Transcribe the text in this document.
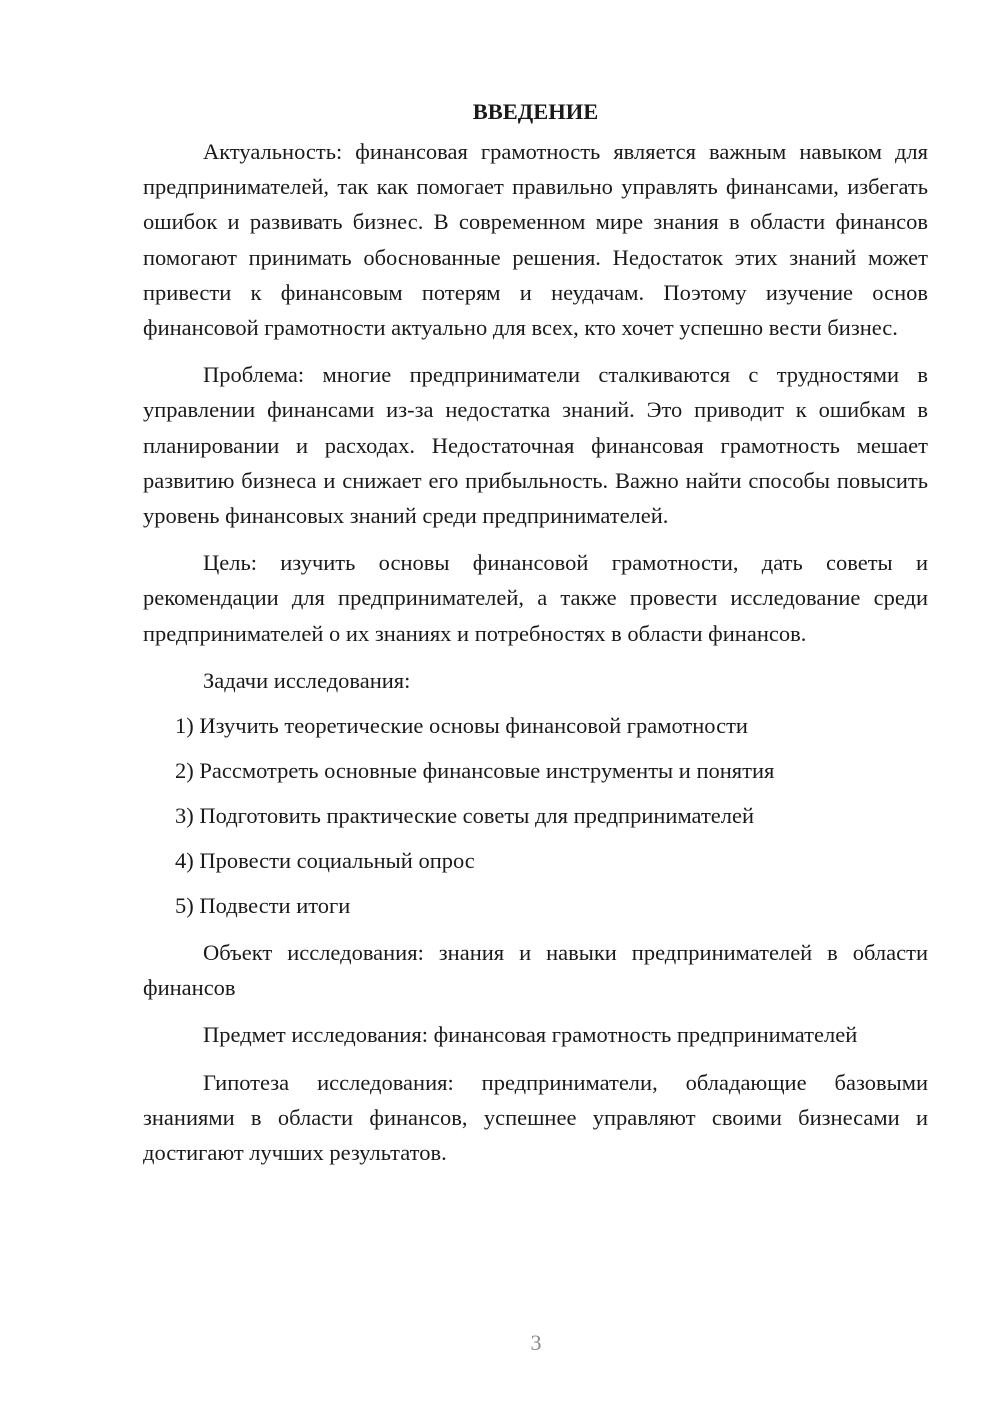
ВВЕДЕНИЕ

Актуальность: финансовая грамотность является важным навыком для предпринимателей, так как помогает правильно управлять финансами, избегать ошибок и развивать бизнес. В современном мире знания в области финансов помогают принимать обоснованные решения. Недостаток этих знаний может привести к финансовым потерям и неудачам. Поэтому изучение основ финансовой грамотности актуально для всех, кто хочет успешно вести бизнес.

Проблема: многие предприниматели сталкиваются с трудностями в управлении финансами из-за недостатка знаний. Это приводит к ошибкам в планировании и расходах. Недостаточная финансовая грамотность мешает развитию бизнеса и снижает его прибыльность. Важно найти способы повысить уровень финансовых знаний среди предпринимателей.

Цель: изучить основы финансовой грамотности, дать советы и рекомендации для предпринимателей, а также провести исследование среди предпринимателей о их знаниях и потребностях в области финансов.

Задачи исследования:

1) Изучить теоретические основы финансовой грамотности
2) Рассмотреть основные финансовые инструменты и понятия
3) Подготовить практические советы для предпринимателей
4) Провести социальный опрос
5) Подвести итоги

Объект исследования: знания и навыки предпринимателей в области финансов

Предмет исследования: финансовая грамотность предпринимателей

Гипотеза исследования: предприниматели, обладающие базовыми знаниями в области финансов, успешнее управляют своими бизнесами и достигают лучших результатов.

3
